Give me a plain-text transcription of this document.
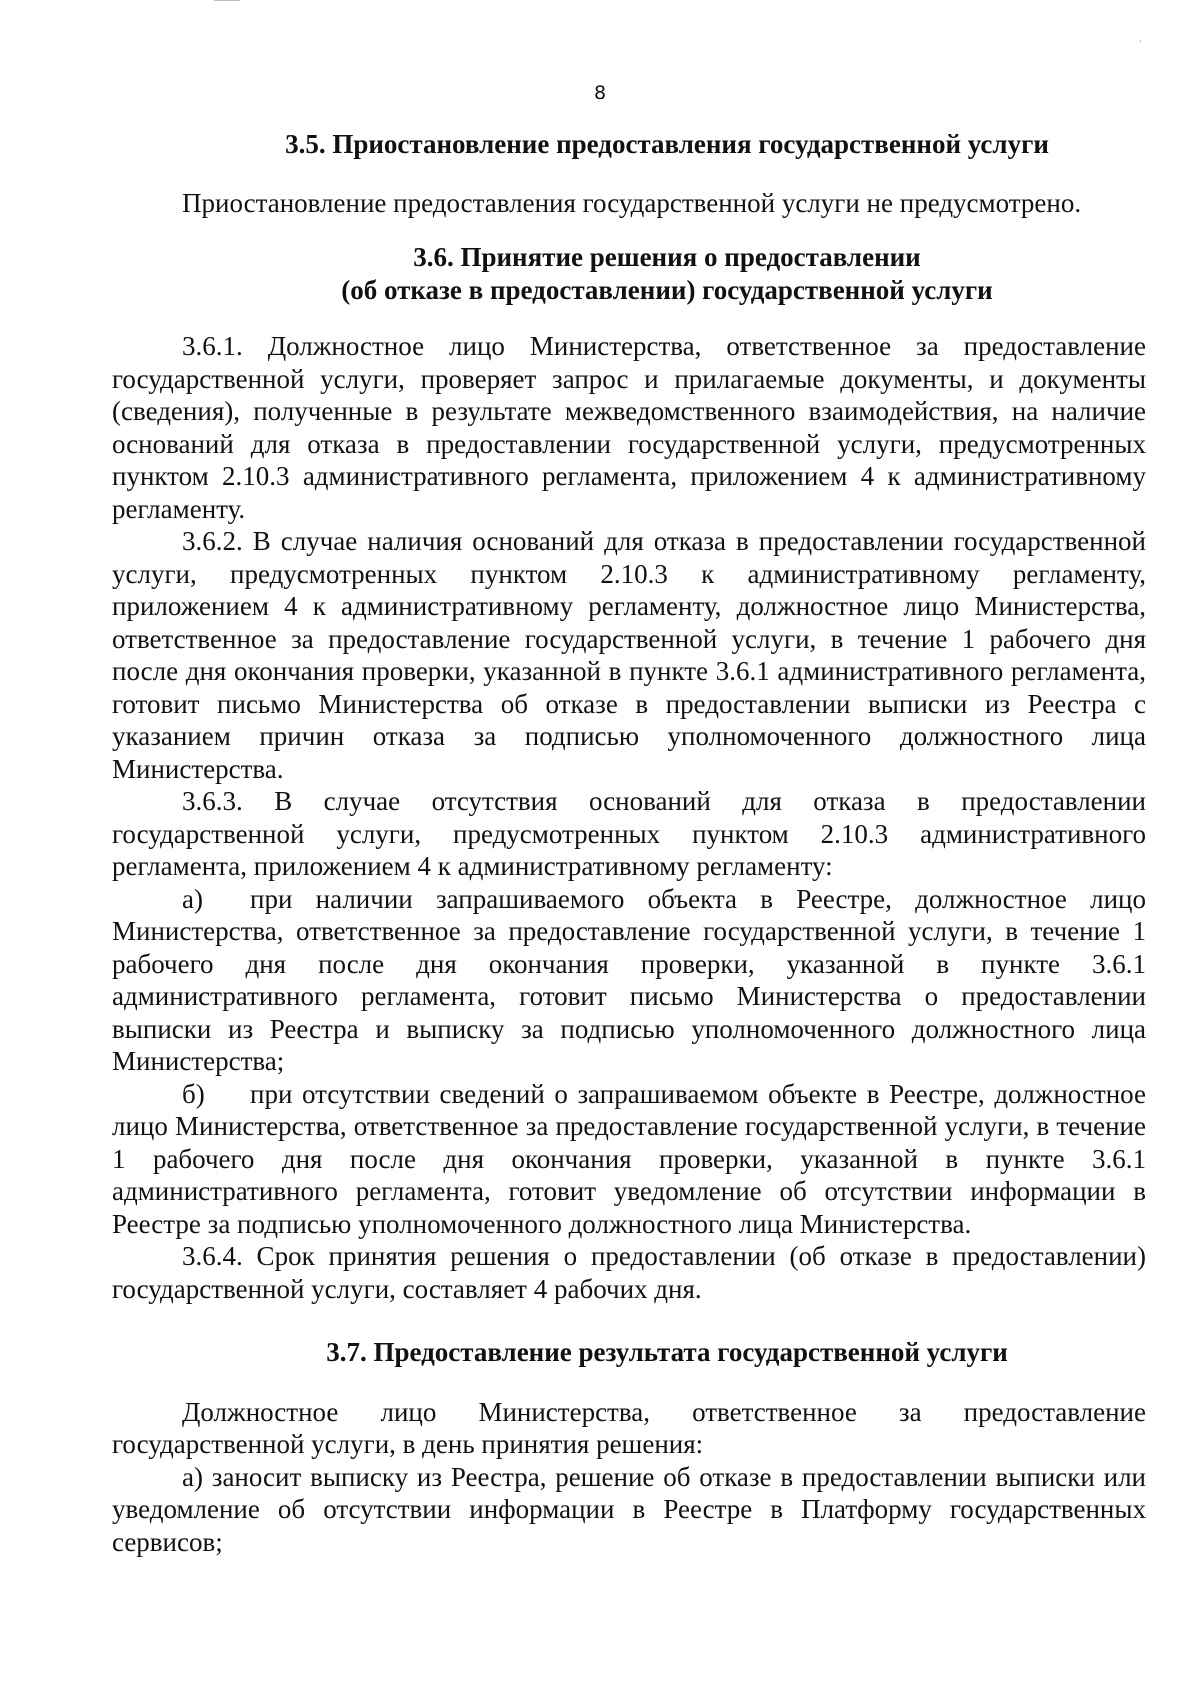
8

3.5. Приостановление предоставления государственной услуги

Приостановление предоставления государственной услуги не предусмотрено.

3.6. Принятие решения о предоставлении
(об отказе в предоставлении) государственной услуги

3.6.1. Должностное лицо Министерства, ответственное за предоставление государственной услуги, проверяет запрос и прилагаемые документы, и документы (сведения), полученные в результате межведомственного взаимодействия, на наличие оснований для отказа в предоставлении государственной услуги, предусмотренных пунктом 2.10.3 административного регламента, приложением 4 к административному регламенту.

3.6.2. В случае наличия оснований для отказа в предоставлении государственной услуги, предусмотренных пунктом 2.10.3 к административному регламенту, приложением 4 к административному регламенту, должностное лицо Министерства, ответственное за предоставление государственной услуги, в течение 1 рабочего дня после дня окончания проверки, указанной в пункте 3.6.1 административного регламента, готовит письмо Министерства об отказе в предоставлении выписки из Реестра с указанием причин отказа за подписью уполномоченного должностного лица Министерства.

3.6.3. В случае отсутствия оснований для отказа в предоставлении государственной услуги, предусмотренных пунктом 2.10.3 административного регламента, приложением 4 к административному регламенту:

а) при наличии запрашиваемого объекта в Реестре, должностное лицо Министерства, ответственное за предоставление государственной услуги, в течение 1 рабочего дня после дня окончания проверки, указанной в пункте 3.6.1 административного регламента, готовит письмо Министерства о предоставлении выписки из Реестра и выписку за подписью уполномоченного должностного лица Министерства;

б) при отсутствии сведений о запрашиваемом объекте в Реестре, должностное лицо Министерства, ответственное за предоставление государственной услуги, в течение 1 рабочего дня после дня окончания проверки, указанной в пункте 3.6.1 административного регламента, готовит уведомление об отсутствии информации в Реестре за подписью уполномоченного должностного лица Министерства.

3.6.4. Срок принятия решения о предоставлении (об отказе в предоставлении) государственной услуги, составляет 4 рабочих дня.

3.7. Предоставление результата государственной услуги

Должностное лицо Министерства, ответственное за предоставление государственной услуги, в день принятия решения:

а) заносит выписку из Реестра, решение об отказе в предоставлении выписки или уведомление об отсутствии информации в Реестре в Платформу государственных сервисов;
